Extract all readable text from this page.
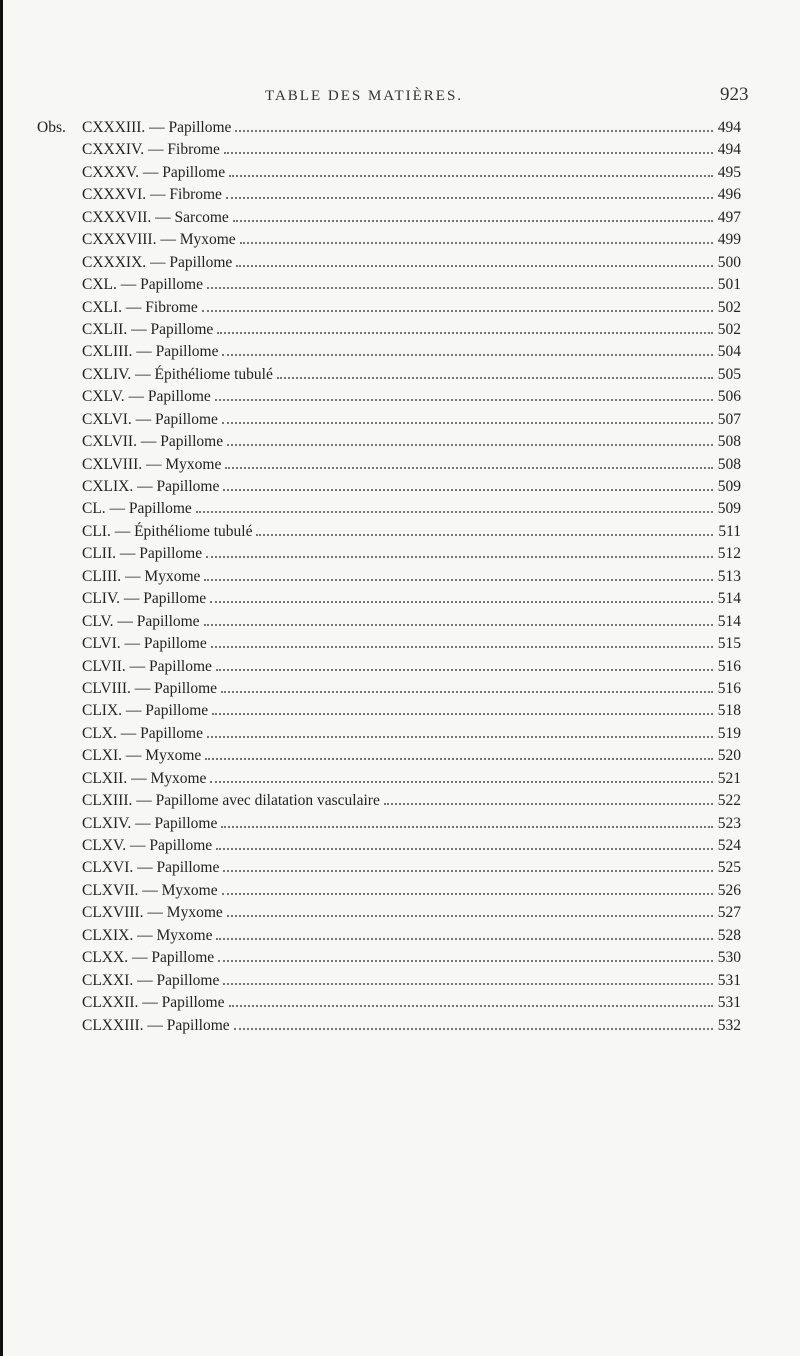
TABLE DES MATIÈRES.	923
Obs. CXXXIII. — Papillome	494
CXXXIV. — Fibrome	494
CXXXV. — Papillome	495
CXXXVI. — Fibrome	496
CXXXVII. — Sarcome	497
CXXXVIII. — Myxome	499
CXXXIX. — Papillome	500
CXL. — Papillome	501
CXLI. — Fibrome	502
CXLII. — Papillome	502
CXLIII. — Papillome	504
CXLIV. — Épithéliome tubulé	505
CXLV. — Papillome	506
CXLVI. — Papillome	507
CXLVII. — Papillome	508
CXLVIII. — Myxome	508
CXLIX. — Papillome	509
CL. — Papillome	509
CLI. — Épithéliome tubulé	511
CLII. — Papillome	512
CLIII. — Myxome	513
CLIV. — Papillome	514
CLV. — Papillome	514
CLVI. — Papillome	515
CLVII. — Papillome	516
CLVIII. — Papillome	516
CLIX. — Papillome	518
CLX. — Papillome	519
CLXI. — Myxome	520
CLXII. — Myxome	521
CLXIII. — Papillome avec dilatation vasculaire	522
CLXIV. — Papillome	523
CLXV. — Papillome	524
CLXVI. — Papillome	525
CLXVII. — Myxome	526
CLXVIII. — Myxome	527
CLXIX. — Myxome	528
CLXX. — Papillome	530
CLXXI. — Papillome	531
CLXXII. — Papillome	531
CLXXIII. — Papillome	532
